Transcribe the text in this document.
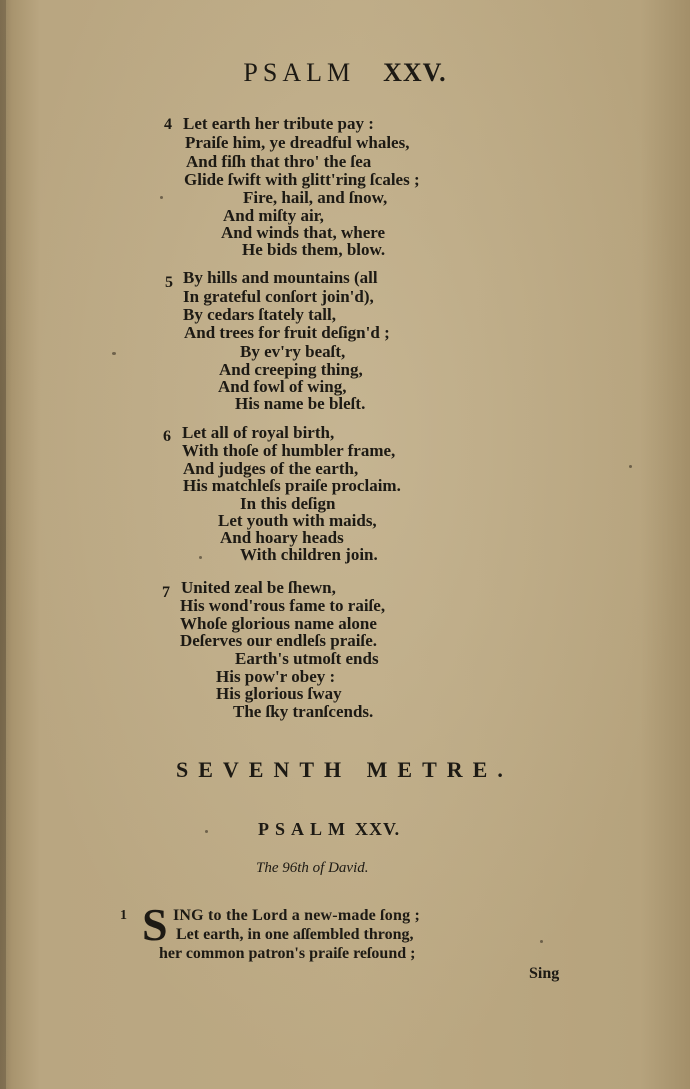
PSALM XXV.
4 Let earth her tribute pay :
Praiſe him, ye dreadful whales,
And fiſh that thro' the ſea
Glide ſwift with glitt'ring ſcales ;
Fire, hail, and ſnow,
And miſty air,
And winds that, where
He bids them, blow.
5 By hills and mountains (all
In grateful conſort join'd),
By cedars ſtately tall,
And trees for fruit deſign'd ;
By ev'ry beaſt,
And creeping thing,
And fowl of wing,
His name be bleſt.
6 Let all of royal birth,
With thoſe of humbler frame,
And judges of the earth,
His matchleſs praiſe proclaim.
In this deſign
Let youth with maids,
And hoary heads
With children join.
7 United zeal be ſhewn,
His wond'rous fame to raiſe,
Whoſe glorious name alone
Deſerves our endleſs praiſe.
Earth's utmoſt ends
His pow'r obey :
His glorious ſway
The ſky tranſcends.
SEVENTH METRE.
PSALM XXV.
The 96th of David.
1 S ING to the Lord a new-made ſong ;
Let earth, in one aſſembled throng,
her common patron's praiſe reſound ;
Sing
